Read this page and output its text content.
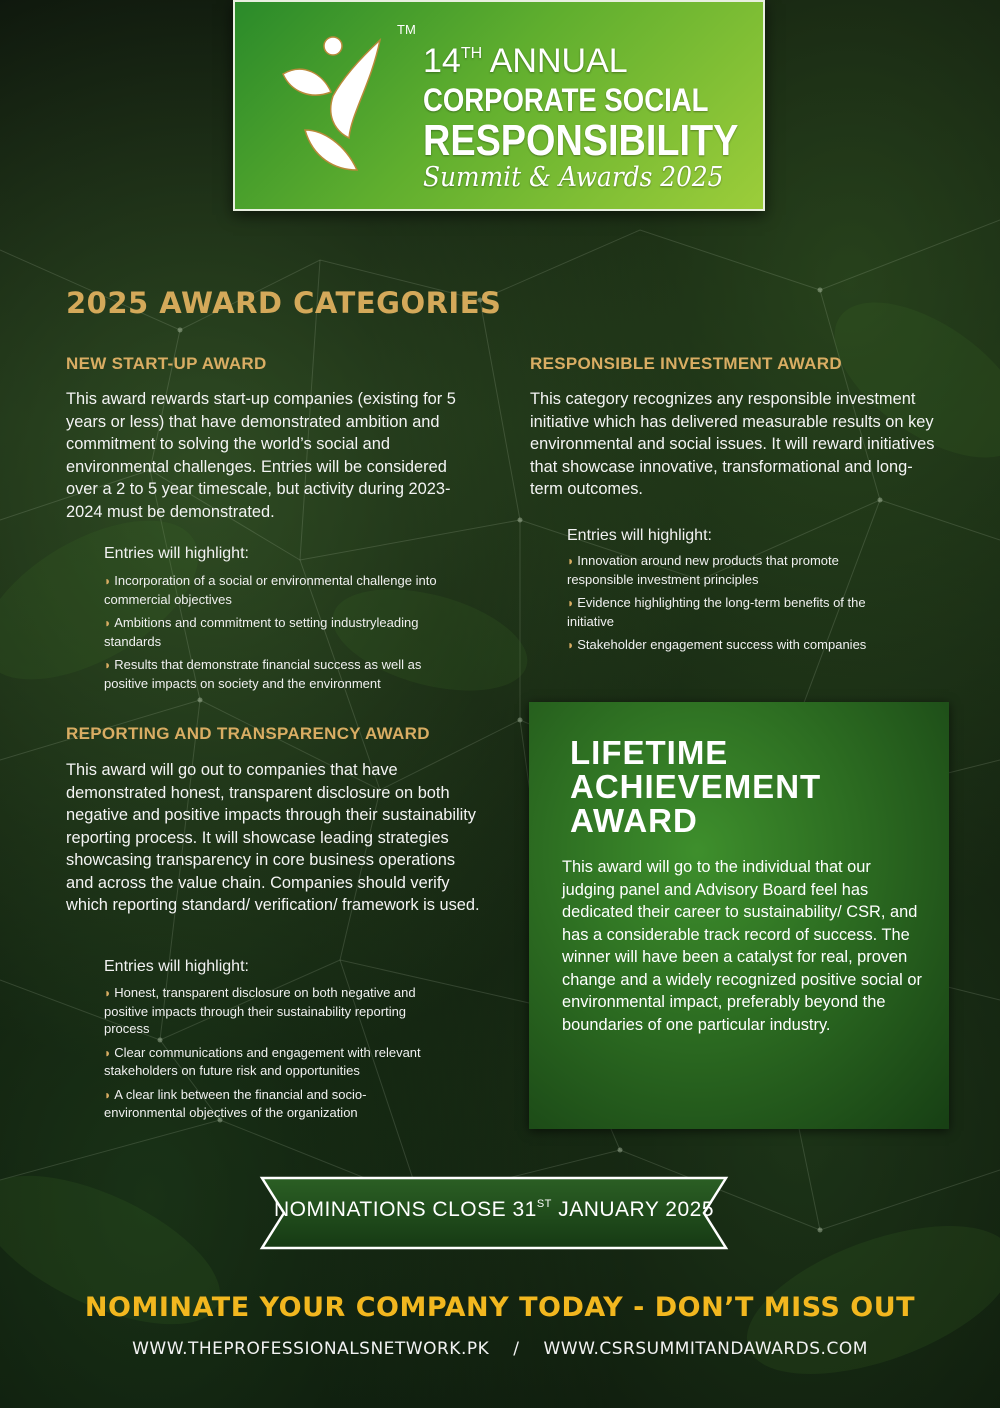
TM
14TH ANNUAL
CORPORATE SOCIAL
RESPONSIBILITY
Summit & Awards 2025
2025 AWARD CATEGORIES
NEW START-UP AWARD

This award rewards start-up companies (existing for 5 years or less) that have demonstrated ambition and commitment to solving the world’s social and environmental challenges. Entries will be considered over a 2 to 5 year timescale, but activity during 2023-2024 must be demonstrated.

Entries will highlight:

◗ Incorporation of a social or environmental challenge into commercial objectives
◗ Ambitions and commitment to setting industryleading standards
◗ Results that demonstrate financial success as well as positive impacts on society and the environment
RESPONSIBLE INVESTMENT AWARD

This category recognizes any responsible investment initiative which has delivered measurable results on key environmental and social issues. It will reward initiatives that showcase innovative, transformational and long-term outcomes.

Entries will highlight:

◗ Innovation around new products that promote responsible investment principles
◗ Evidence highlighting the long-term benefits of the initiative
◗ Stakeholder engagement success with companies
REPORTING AND TRANSPARENCY AWARD

This award will go out to companies that have demonstrated honest, transparent disclosure on both negative and positive impacts through their sustainability reporting process. It will showcase leading strategies showcasing transparency in core business operations and across the value chain. Companies should verify which reporting standard/ verification/ framework is used.

Entries will highlight:

◗ Honest, transparent disclosure on both negative and positive impacts through their sustainability reporting process
◗ Clear communications and engagement with relevant stakeholders on future risk and opportunities
◗ A clear link between the financial and socio-environmental objectives of the organization
LIFETIME ACHIEVEMENT AWARD

This award will go to the individual that our judging panel and Advisory Board feel has dedicated their career to sustainability/ CSR, and has a considerable track record of success. The winner will have been a catalyst for real, proven change and a widely recognized positive social or environmental impact, preferably beyond the boundaries of one particular industry.

NOMINATIONS CLOSE 31ST JANUARY 2025
NOMINATE YOUR COMPANY TODAY - DON’T MISS OUT
WWW.THEPROFESSIONALSNETWORK.PK / WWW.CSRSUMMITANDAWARDS.COM
